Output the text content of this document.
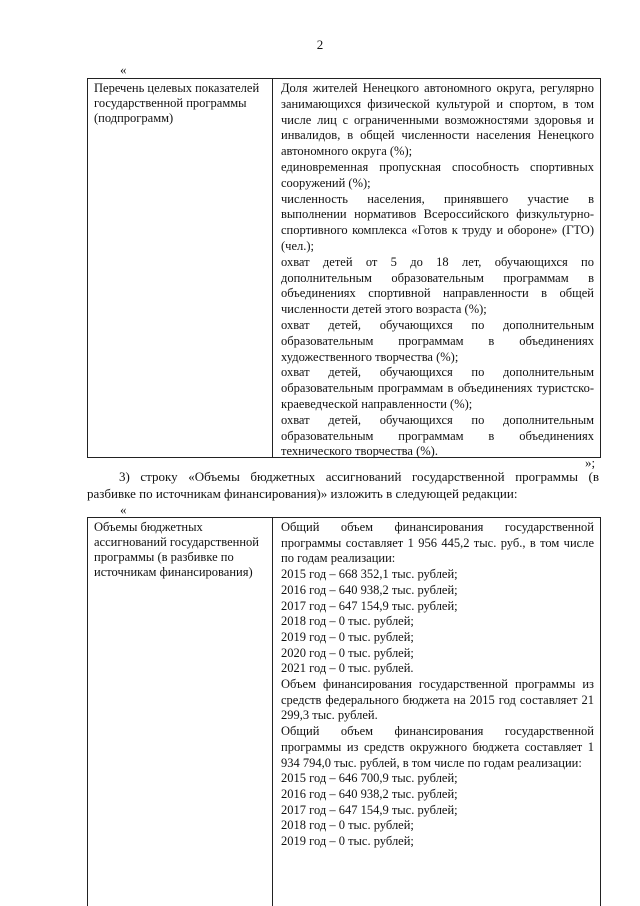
2
«
Перечень целевых показателей государственной программы (подпрограмм)

Доля жителей Ненецкого автономного округа, регулярно занимающихся физической культурой и спортом, в том числе лиц с ограниченными возможностями здоровья и инвалидов, в общей численности населения Ненецкого автономного округа (%);

единовременная пропускная способность спортивных сооружений (%);

численность населения, принявшего участие в выполнении нормативов Всероссийского физкультурно-спортивного комплекса «Готов к труду и обороне» (ГТО) (чел.);

охват детей от 5 до 18 лет, обучающихся по дополнительным образовательным программам в объединениях спортивной направленности в общей численности детей этого возраста (%);

охват детей, обучающихся по дополнительным образовательным программам в объединениях художественного творчества (%);

охват детей, обучающихся по дополнительным образовательным программам в объединениях туристско-краеведческой направленности (%);

охват детей, обучающихся по дополнительным образовательным программам в объединениях технического творчества (%).

»;

3) строку «Объемы бюджетных ассигнований государственной программы (в разбивке по источникам финансирования)» изложить в следующей редакции:

«
Объемы бюджетных ассигнований государственной программы (в разбивке по источникам финансирования)

Общий объем финансирования государственной программы составляет 1 956 445,2 тыс. руб., в том числе по годам реализации:

2015 год – 668 352,1 тыс. рублей;

2016 год – 640 938,2 тыс. рублей;

2017 год – 647 154,9 тыс. рублей;

2018 год – 0 тыс. рублей;

2019 год – 0 тыс. рублей;

2020 год – 0 тыс. рублей;

2021 год – 0 тыс. рублей.

Объем финансирования государственной программы из средств федерального бюджета на 2015 год составляет 21 299,3 тыс. рублей.

Общий объем финансирования государственной программы из средств окружного бюджета составляет 1 934 794,0 тыс. рублей, в том числе по годам реализации:

2015 год – 646 700,9 тыс. рублей;

2016 год – 640 938,2 тыс. рублей;

2017 год – 647 154,9 тыс. рублей;

2018 год – 0 тыс. рублей;

2019 год – 0 тыс. рублей;
